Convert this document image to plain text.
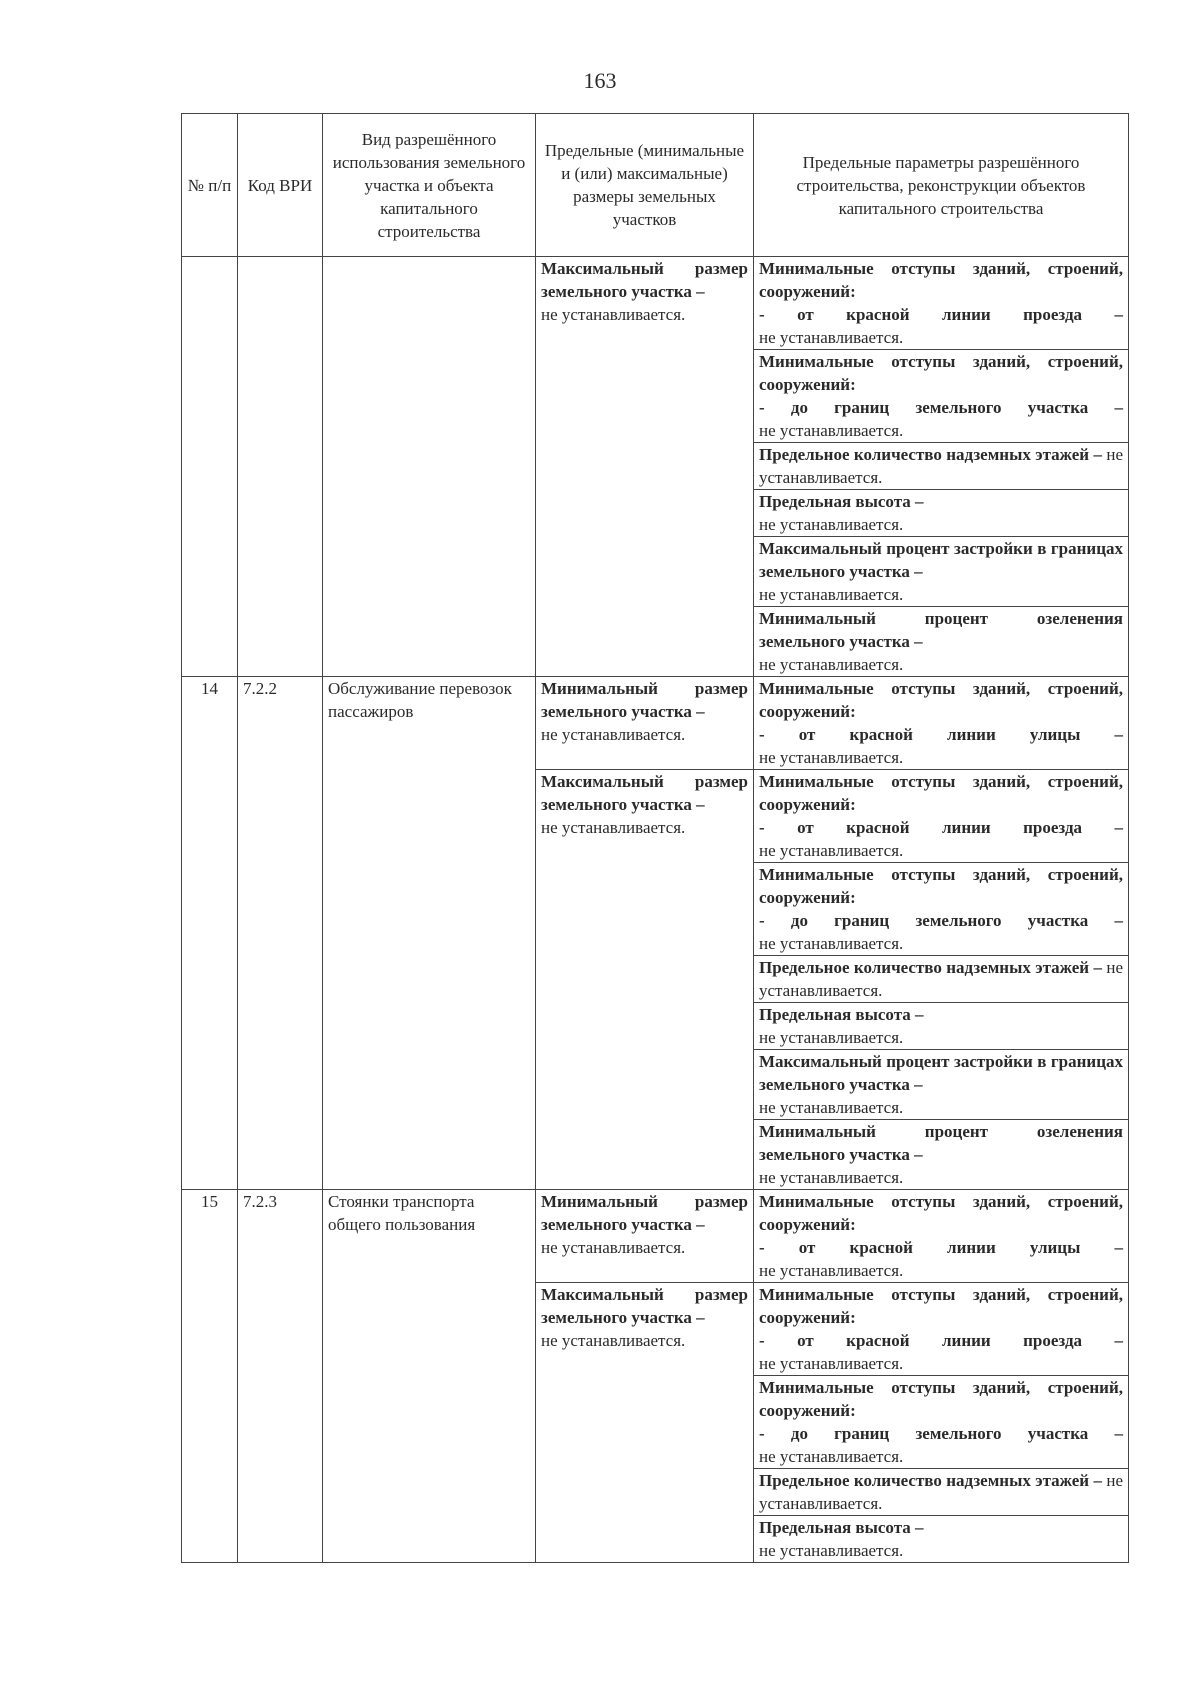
163
№ п/п	Код ВРИ	Вид разрешённого использования земельного участка и объекта капитального строительства	Предельные (минимальные и (или) максимальные) размеры земельных участков	Предельные параметры разрешённого строительства, реконструкции объектов капитального строительства
			Максимальный размер земельного участка –
не устанавливается.	Минимальные отступы зданий, строений, сооружений:
- от красной линии проезда –
не устанавливается.

				Минимальные отступы зданий, строений, сооружений:
- до границ земельного участка –
не устанавливается.

				Предельное количество надземных этажей – не устанавливается.
				Предельная высота –
не устанавливается.

				Максимальный процент застройки в границах земельного участка –
не устанавливается.

				Минимальный процент озеленения земельного участка –
не устанавливается.

14	7.2.2	Обслуживание перевозок пассажиров	Минимальный размер земельного участка –
не устанавливается.	Минимальные отступы зданий, строений, сооружений:
- от красной линии улицы –
не устанавливается.

			Максимальный размер земельного участка –
не устанавливается.	Минимальные отступы зданий, строений, сооружений:
- от красной линии проезда –
не устанавливается.

				Минимальные отступы зданий, строений, сооружений:
- до границ земельного участка –
не устанавливается.

				Предельное количество надземных этажей – не устанавливается.
				Предельная высота –
не устанавливается.

				Максимальный процент застройки в границах земельного участка –
не устанавливается.

				Минимальный процент озеленения земельного участка –
не устанавливается.

15	7.2.3	Стоянки транспорта общего пользования	Минимальный размер земельного участка –
не устанавливается.	Минимальные отступы зданий, строений, сооружений:
- от красной линии улицы –
не устанавливается.

			Максимальный размер земельного участка –
не устанавливается.	Минимальные отступы зданий, строений, сооружений:
- от красной линии проезда –
не устанавливается.

				Минимальные отступы зданий, строений, сооружений:
- до границ земельного участка –
не устанавливается.

				Предельное количество надземных этажей – не устанавливается.
				Предельная высота –
не устанавливается.
